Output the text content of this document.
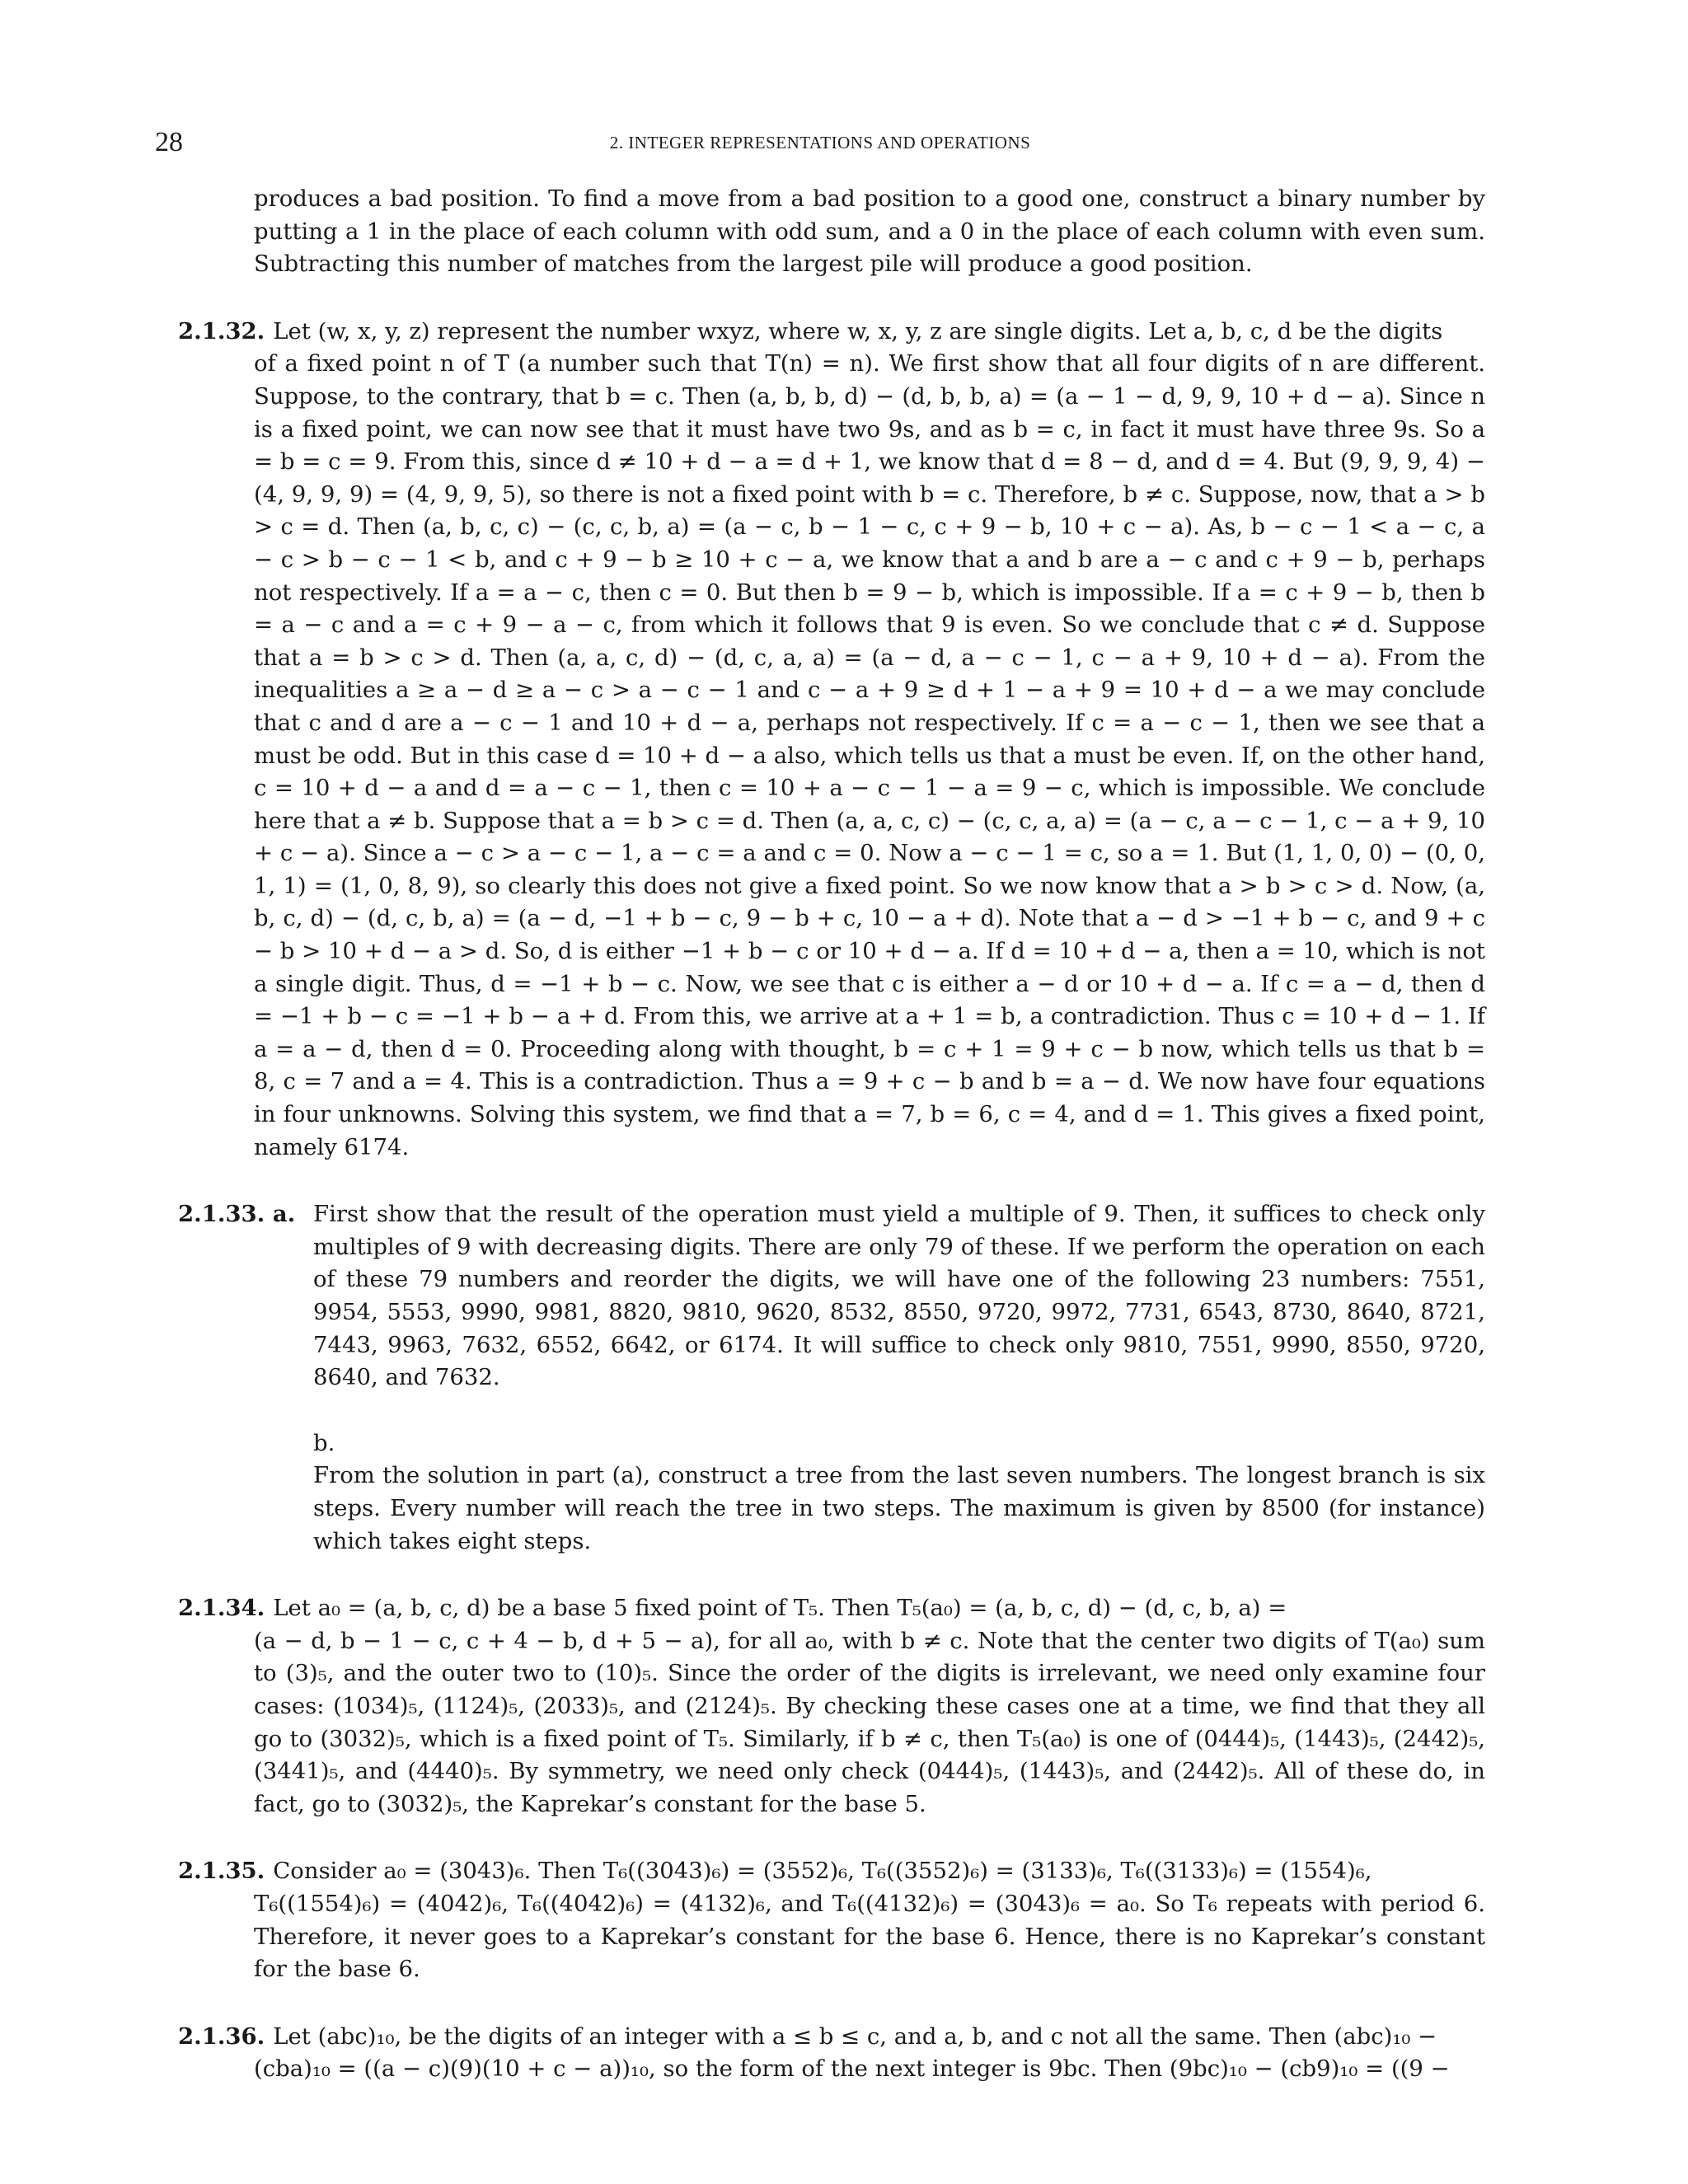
28	2. INTEGER REPRESENTATIONS AND OPERATIONS

produces a bad position. To find a move from a bad position to a good one, construct a binary number by putting a 1 in the place of each column with odd sum, and a 0 in the place of each column with even sum. Subtracting this number of matches from the largest pile will produce a good position.

2.1.32. Let (w, x, y, z) represent the number wxyz, where w, x, y, z are single digits. Let a, b, c, d be the digits

of a fixed point n of T (a number such that T(n) = n). We first show that all four digits of n are different. Suppose, to the contrary, that b = c. Then (a, b, b, d) − (d, b, b, a) = (a − 1 − d, 9, 9, 10 + d − a). Since n is a fixed point, we can now see that it must have two 9s, and as b = c, in fact it must have three 9s. So a = b = c = 9. From this, since d ≠ 10 + d − a = d + 1, we know that d = 8 − d, and d = 4. But (9, 9, 9, 4) − (4, 9, 9, 9) = (4, 9, 9, 5), so there is not a fixed point with b = c. Therefore, b ≠ c. Suppose, now, that a > b > c = d. Then (a, b, c, c) − (c, c, b, a) = (a − c, b − 1 − c, c + 9 − b, 10 + c − a). As, b − c − 1 < a − c, a − c > b − c − 1 < b, and c + 9 − b ≥ 10 + c − a, we know that a and b are a − c and c + 9 − b, perhaps not respectively. If a = a − c, then c = 0. But then b = 9 − b, which is impossible. If a = c + 9 − b, then b = a − c and a = c + 9 − a − c, from which it follows that 9 is even. So we conclude that c ≠ d. Suppose that a = b > c > d. Then (a, a, c, d) − (d, c, a, a) = (a − d, a − c − 1, c − a + 9, 10 + d − a). From the inequalities a ≥ a − d ≥ a − c > a − c − 1 and c − a + 9 ≥ d + 1 − a + 9 = 10 + d − a we may conclude that c and d are a − c − 1 and 10 + d − a, perhaps not respectively. If c = a − c − 1, then we see that a must be odd. But in this case d = 10 + d − a also, which tells us that a must be even. If, on the other hand, c = 10 + d − a and d = a − c − 1, then c = 10 + a − c − 1 − a = 9 − c, which is impossible. We conclude here that a ≠ b. Suppose that a = b > c = d. Then (a, a, c, c) − (c, c, a, a) = (a − c, a − c − 1, c − a + 9, 10 + c − a). Since a − c > a − c − 1, a − c = a and c = 0. Now a − c − 1 = c, so a = 1. But (1, 1, 0, 0) − (0, 0, 1, 1) = (1, 0, 8, 9), so clearly this does not give a fixed point. So we now know that a > b > c > d. Now, (a, b, c, d) − (d, c, b, a) = (a − d, −1 + b − c, 9 − b + c, 10 − a + d). Note that a − d > −1 + b − c, and 9 + c − b > 10 + d − a > d. So, d is either −1 + b − c or 10 + d − a. If d = 10 + d − a, then a = 10, which is not a single digit. Thus, d = −1 + b − c. Now, we see that c is either a − d or 10 + d − a. If c = a − d, then d = −1 + b − c = −1 + b − a + d. From this, we arrive at a + 1 = b, a contradiction. Thus c = 10 + d − 1. If a = a − d, then d = 0. Proceeding along with thought, b = c + 1 = 9 + c − b now, which tells us that b = 8, c = 7 and a = 4. This is a contradiction. Thus a = 9 + c − b and b = a − d. We now have four equations in four unknowns. Solving this system, we find that a = 7, b = 6, c = 4, and d = 1. This gives a fixed point, namely 6174.

2.1.33. a. First show that the result of the operation must yield a multiple of 9. Then, it suffices to check only multiples of 9 with decreasing digits. There are only 79 of these. If we perform the operation on each of these 79 numbers and reorder the digits, we will have one of the following 23 numbers: 7551, 9954, 5553, 9990, 9981, 8820, 9810, 9620, 8532, 8550, 9720, 9972, 7731, 6543, 8730, 8640, 8721, 7443, 9963, 7632, 6552, 6642, or 6174. It will suffice to check only 9810, 7551, 9990, 8550, 9720, 8640, and 7632.

b.

From the solution in part (a), construct a tree from the last seven numbers. The longest branch is six steps. Every number will reach the tree in two steps. The maximum is given by 8500 (for instance) which takes eight steps.

2.1.34. Let a₀ = (a, b, c, d) be a base 5 fixed point of T₅. Then T₅(a₀) = (a, b, c, d) − (d, c, b, a) =

(a − d, b − 1 − c, c + 4 − b, d + 5 − a), for all a₀, with b ≠ c. Note that the center two digits of T(a₀) sum to (3)₅, and the outer two to (10)₅. Since the order of the digits is irrelevant, we need only examine four cases: (1034)₅, (1124)₅, (2033)₅, and (2124)₅. By checking these cases one at a time, we find that they all go to (3032)₅, which is a fixed point of T₅. Similarly, if b ≠ c, then T₅(a₀) is one of (0444)₅, (1443)₅, (2442)₅, (3441)₅, and (4440)₅. By symmetry, we need only check (0444)₅, (1443)₅, and (2442)₅. All of these do, in fact, go to (3032)₅, the Kaprekar’s constant for the base 5.

2.1.35. Consider a₀ = (3043)₆. Then T₆((3043)₆) = (3552)₆, T₆((3552)₆) = (3133)₆, T₆((3133)₆) = (1554)₆,

T₆((1554)₆) = (4042)₆, T₆((4042)₆) = (4132)₆, and T₆((4132)₆) = (3043)₆ = a₀. So T₆ repeats with period 6. Therefore, it never goes to a Kaprekar’s constant for the base 6. Hence, there is no Kaprekar’s constant for the base 6.

2.1.36. Let (abc)₁₀, be the digits of an integer with a ≤ b ≤ c, and a, b, and c not all the same. Then (abc)₁₀ −

(cba)₁₀ = ((a − c)(9)(10 + c − a))₁₀, so the form of the next integer is 9bc. Then (9bc)₁₀ − (cb9)₁₀ = ((9 −
